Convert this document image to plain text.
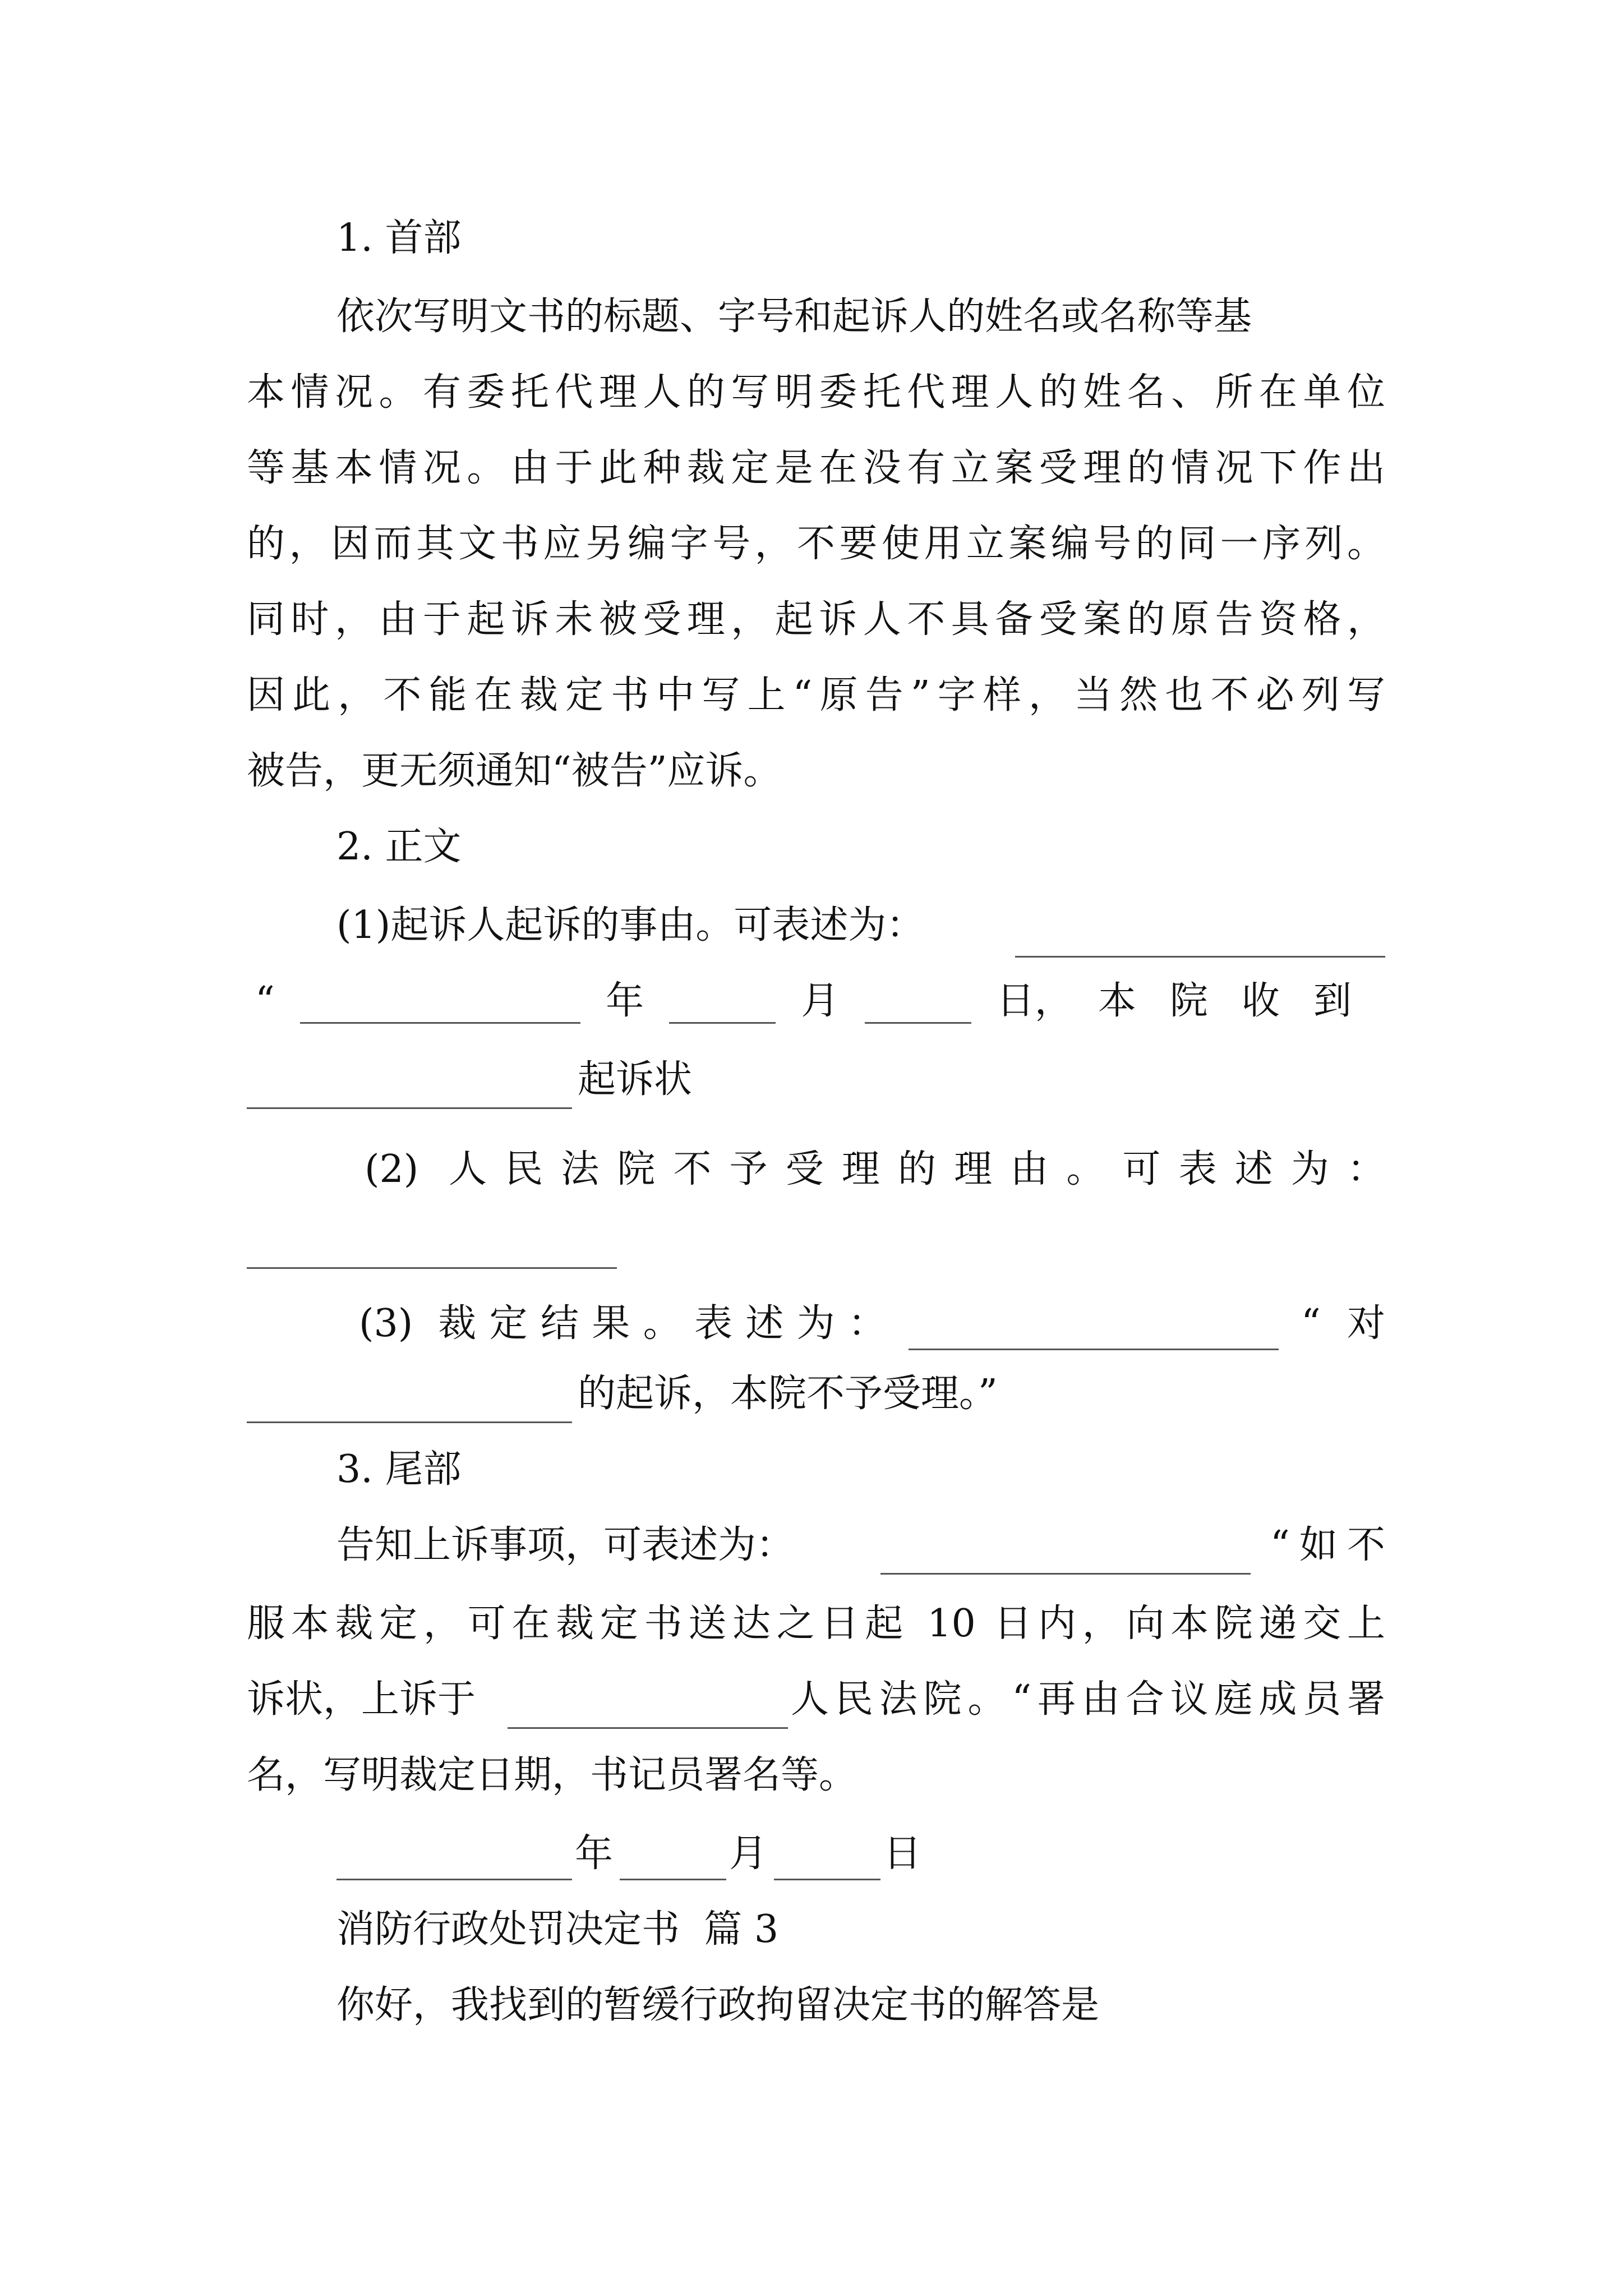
1. 首部
依次写明文书的标题、字号和起诉人的姓名或名称等基
本情况。有委托代理人的写明委托代理人的姓名、所在单位
等基本情况。由于此种裁定是在没有立案受理的情况下作出
的，因而其文书应另编字号，不要使用立案编号的同一序列。
同时，由于起诉未被受理，起诉人不具备受案的原告资格，
因此，不能在裁定书中写上“原告”字样，当然也不必列写
被告，更无须通知“被告”应诉。
2. 正文
(1)起诉人起诉的事由。可表述为：
“	年	月	日， 本院收到
起诉状
(2) 人民法院不予受理的理由。可表述为：
(3) 裁定结果。表述为：	“对
的起诉，本院不予受理。”
3. 尾部
告知上诉事项，可表述为：	“如不
服本裁定，可在裁定书送达之日起 10 日内，向本院递交上
诉状，上诉于	人民法院。“再由合议庭成员署
名，写明裁定日期，书记员署名等。
年	月	日
消防行政处罚决定书  篇 3
你好，我找到的暂缓行政拘留决定书的解答是
